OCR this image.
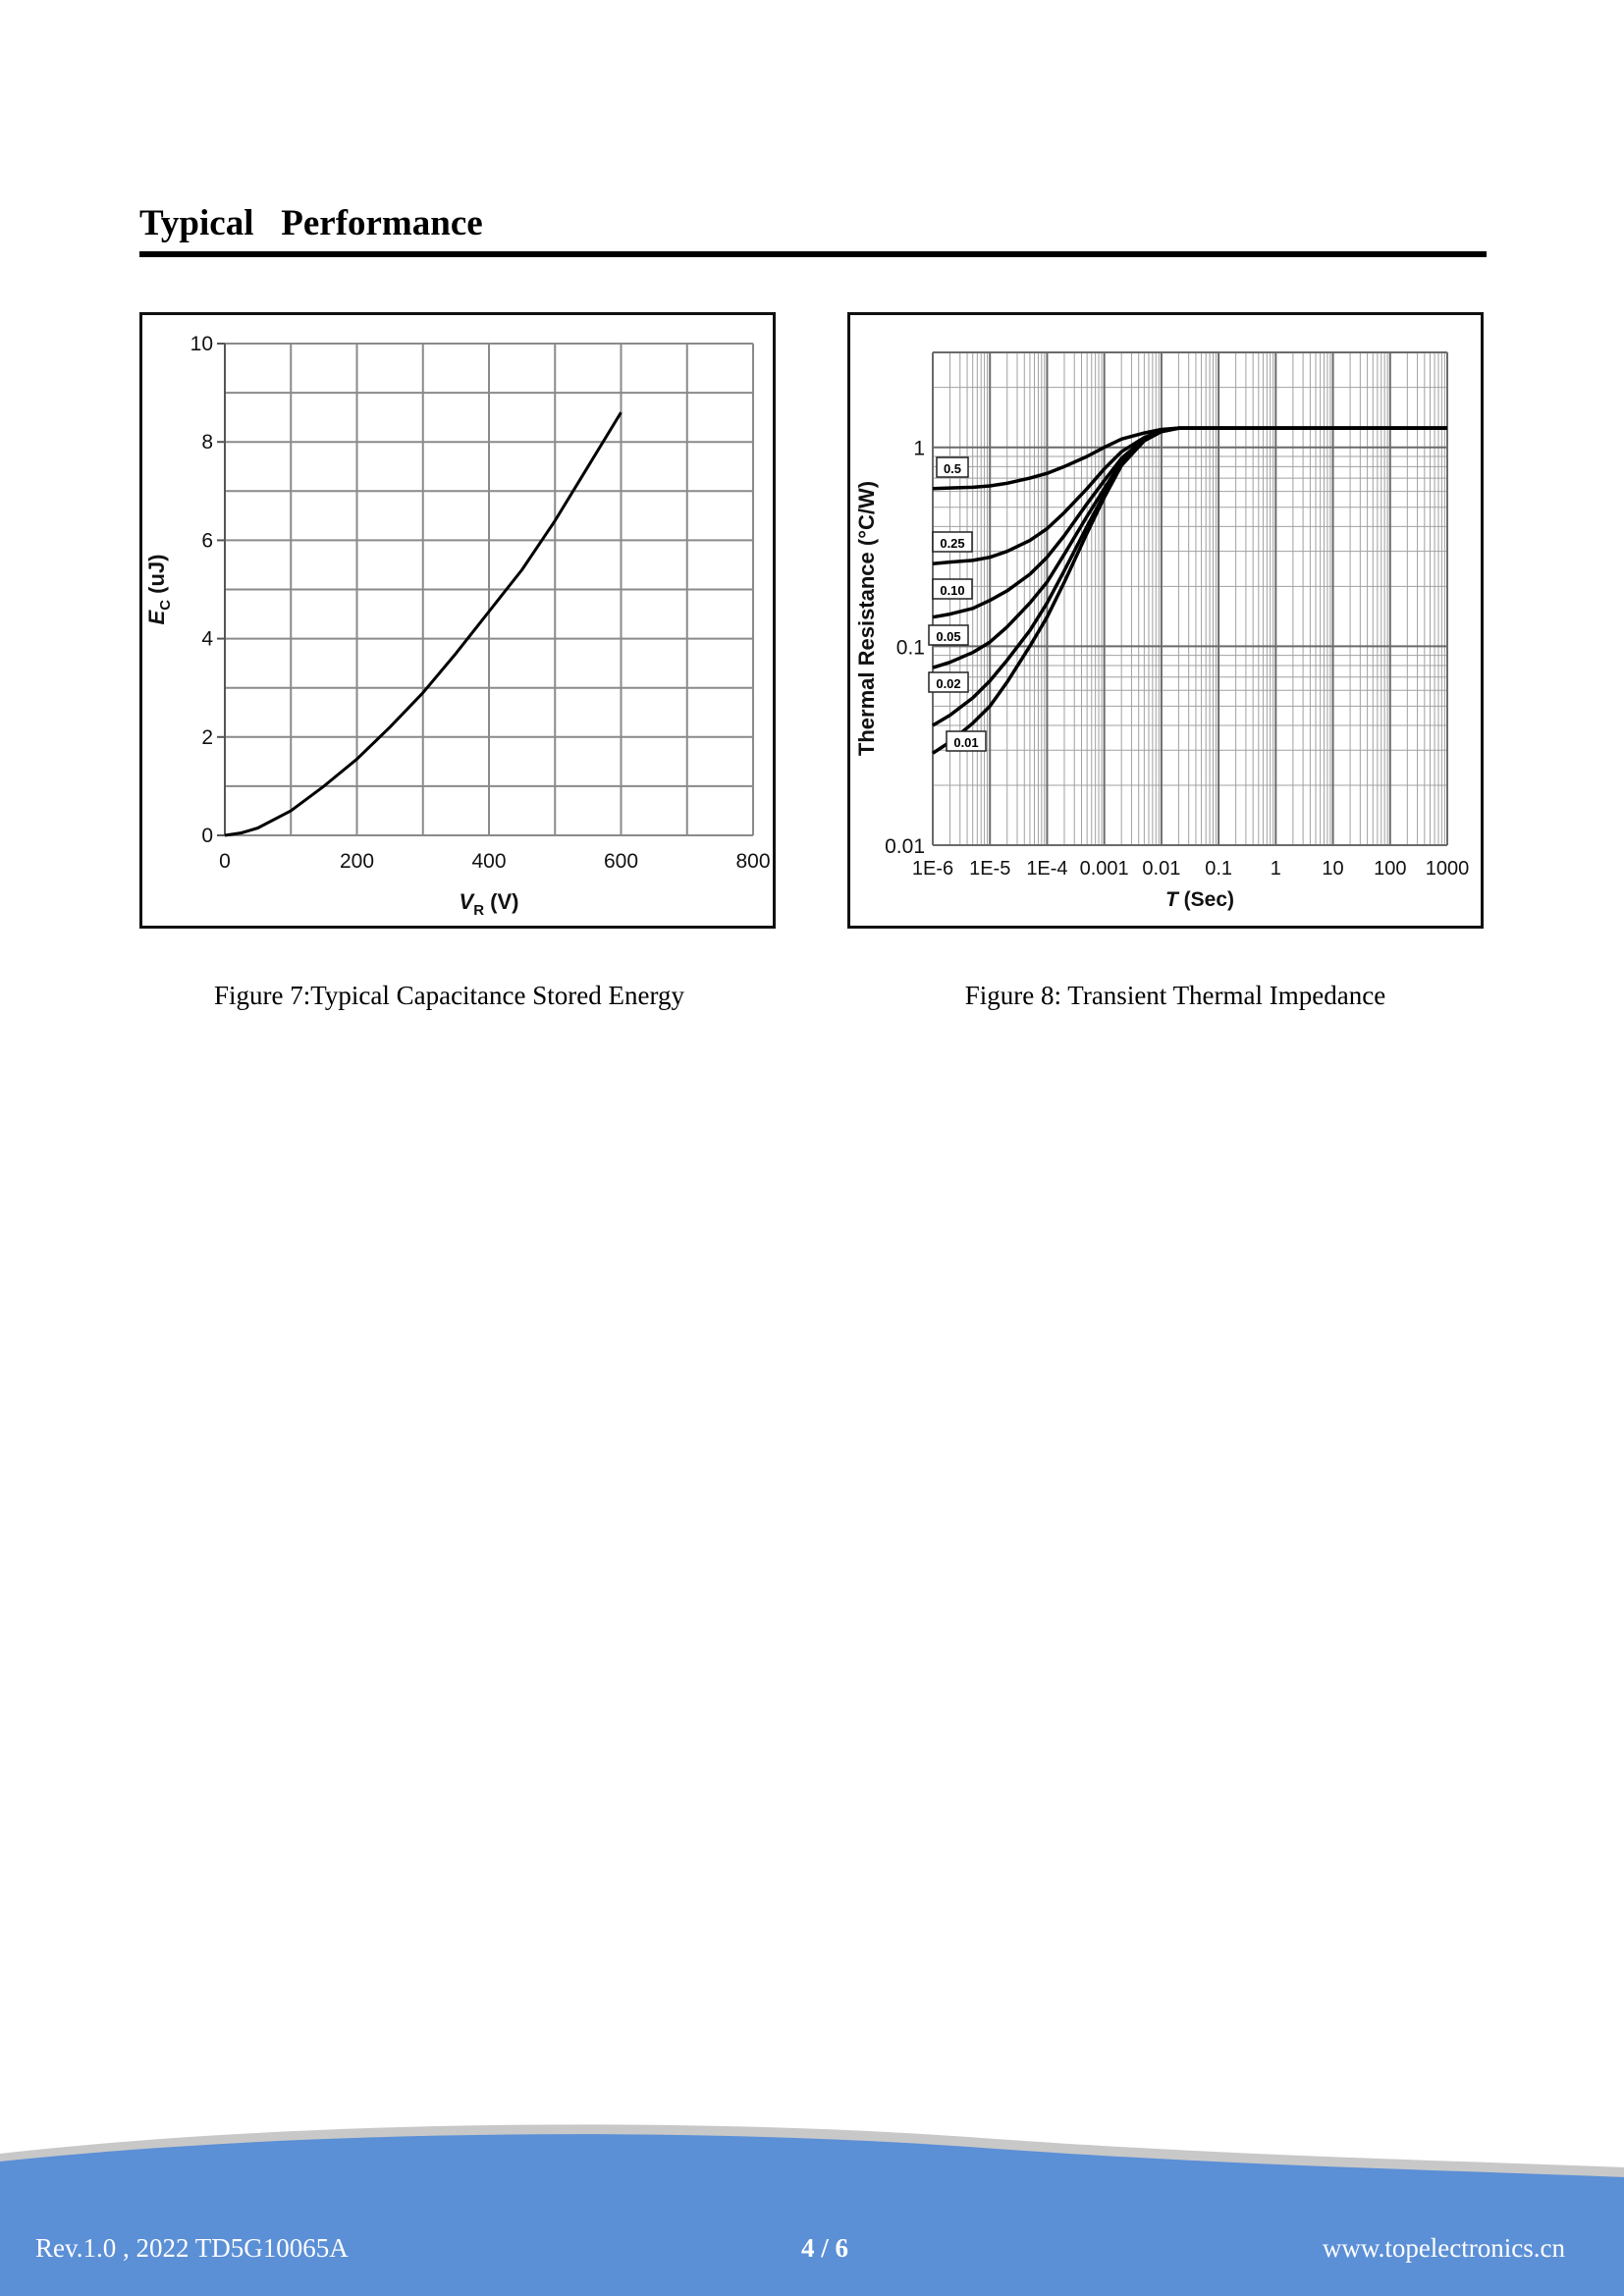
Typical   Performance
0
2
4
6
8
10
0	200	400	600	800
$V_R$ (V)
$E_C$ (uJ)
0.01
0.1
1
1E-6 1E-5 1E-4 0.001 0.01 0.1 1 10 100 1000
0.5
0.25
0.10
0.05
0.02
0.01
T (Sec)
Thermal Resistance (°C/W)
Figure 7:Typical Capacitance Stored Energy	Figure 8: Transient Thermal Impedance
Rev.1.0 , 2022 TD5G10065A	4 / 6	www.topelectronics.cn
